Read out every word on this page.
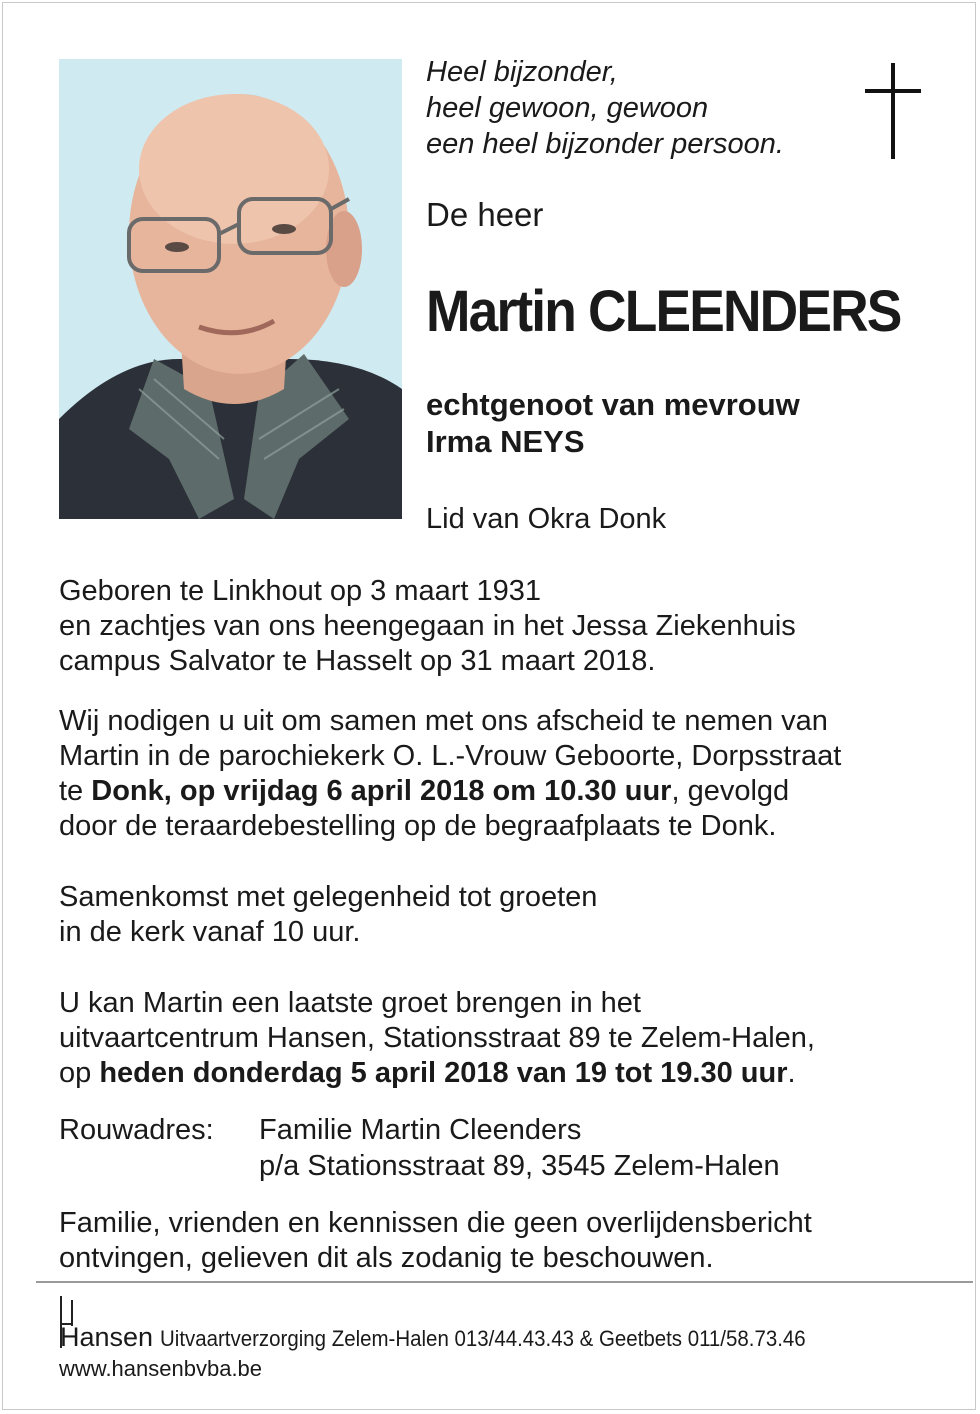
Heel bijzonder,
heel gewoon, gewoon
een heel bijzonder persoon.
De heer
Martin CLEENDERS
echtgenoot van mevrouw
Irma NEYS
Lid van Okra Donk
Geboren te Linkhout op 3 maart 1931
en zachtjes van ons heengegaan in het Jessa Ziekenhuis
campus Salvator te Hasselt op 31 maart 2018.
Wij nodigen u uit om samen met ons afscheid te nemen van
Martin in de parochiekerk O. L.-Vrouw Geboorte, Dorpsstraat
te Donk, op vrijdag 6 april 2018 om 10.30 uur, gevolgd
door de teraardebestelling op de begraafplaats te Donk.
Samenkomst met gelegenheid tot groeten
in de kerk vanaf 10 uur.
U kan Martin een laatste groet brengen in het
uitvaartcentrum Hansen, Stationsstraat 89 te Zelem-Halen,
op heden donderdag 5 april 2018 van 19 tot 19.30 uur.
Rouwadres: Familie Martin Cleenders
p/a Stationsstraat 89, 3545 Zelem-Halen
Familie, vrienden en kennissen die geen overlijdensbericht
ontvingen, gelieven dit als zodanig te beschouwen.
Hansen Uitvaartverzorging Zelem-Halen 013/44.43.43 & Geetbets 011/58.73.46
www.hansenbvba.be
